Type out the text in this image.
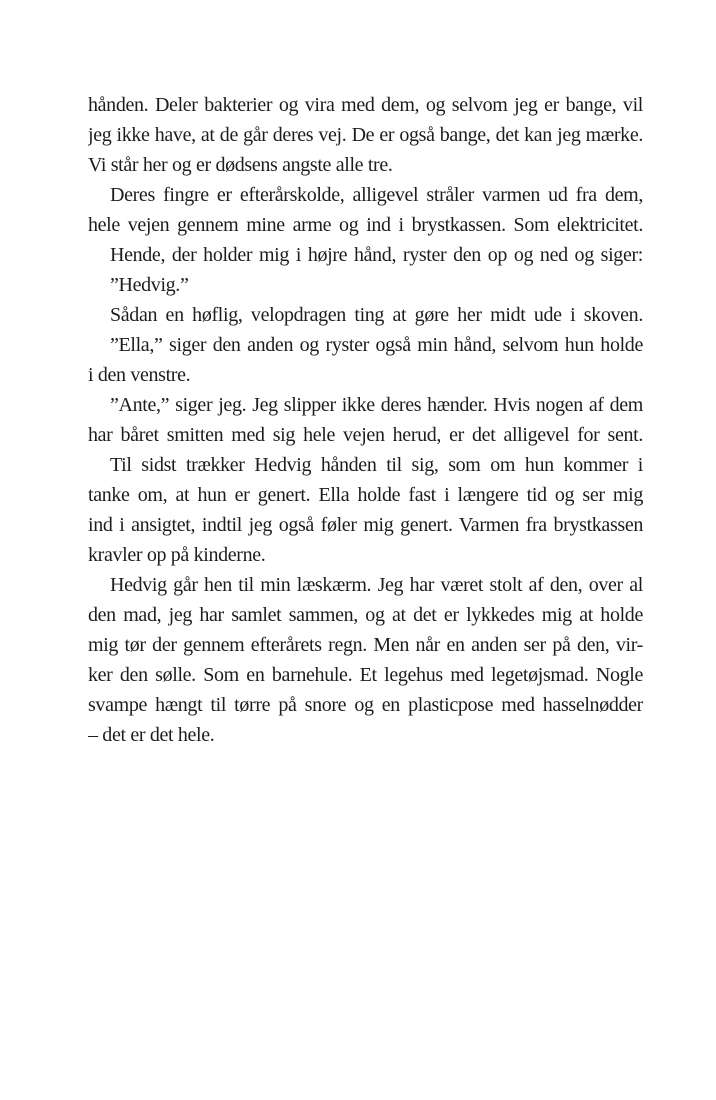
hånden. Deler bakterier og vira med dem, og selvom jeg er bange, vil
jeg ikke have, at de går deres vej. De er også bange, det kan jeg mærke.
Vi står her og er dødsens angste alle tre.
Deres fingre er efterårskolde, alligevel stråler varmen ud fra dem,
hele vejen gennem mine arme og ind i brystkassen. Som elektricitet.
Hende, der holder mig i højre hånd, ryster den op og ned og siger:
”Hedvig.”
Sådan en høflig, velopdragen ting at gøre her midt ude i skoven.
”Ella,” siger den anden og ryster også min hånd, selvom hun holde
i den venstre.
”Ante,” siger jeg. Jeg slipper ikke deres hænder. Hvis nogen af dem
har båret smitten med sig hele vejen herud, er det alligevel for sent.
Til sidst trækker Hedvig hånden til sig, som om hun kommer i
tanke om, at hun er genert. Ella holde fast i længere tid og ser mig
ind i ansigtet, indtil jeg også føler mig genert. Varmen fra brystkassen
kravler op på kinderne.
Hedvig går hen til min læskærm. Jeg har været stolt af den, over al
den mad, jeg har samlet sammen, og at det er lykkedes mig at holde
mig tør der gennem efterårets regn. Men når en anden ser på den, vir-
ker den sølle. Som en barnehule. Et legehus med legetøjsmad. Nogle
svampe hængt til tørre på snore og en plasticpose med hasselnødder
– det er det hele.
